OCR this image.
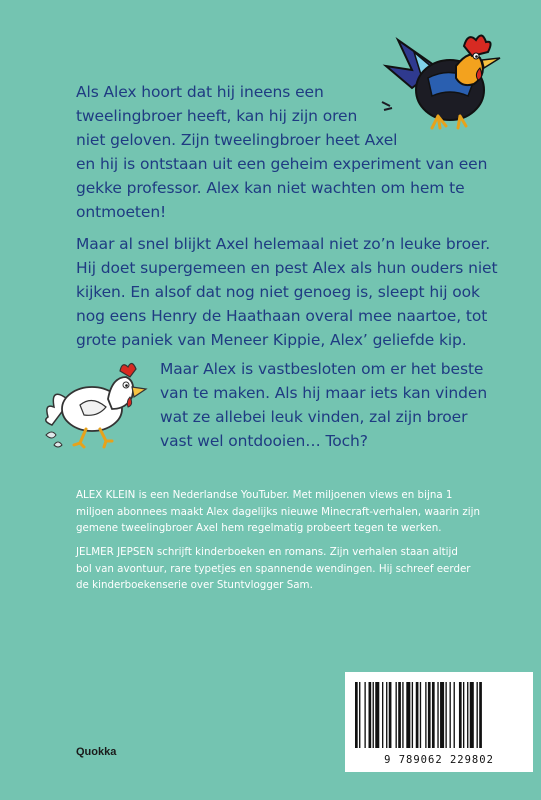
Als Alex hoort dat hij ineens een
tweelingbroer heeft, kan hij zijn oren
niet geloven. Zijn tweelingbroer heet Axel
en hij is ontstaan uit een geheim experiment van een
gekke professor. Alex kan niet wachten om hem te
ontmoeten!
Maar al snel blijkt Axel helemaal niet zo’n leuke broer.
Hij doet supergemeen en pest Alex als hun ouders niet
kijken. En alsof dat nog niet genoeg is, sleept hij ook
nog eens Henry de Haathaan overal mee naartoe, tot
grote paniek van Meneer Kippie, Alex’ geliefde kip.
Maar Alex is vastbesloten om er het beste
van te maken. Als hij maar iets kan vinden
wat ze allebei leuk vinden, zal zijn broer
vast wel ontdooien… Toch?
ALEX KLEIN is een Nederlandse YouTuber. Met miljoenen views en bijna 1
miljoen abonnees maakt Alex dagelijks nieuwe Minecraft-verhalen, waarin zijn
gemene tweelingbroer Axel hem regelmatig probeert tegen te werken.
JELMER JEPSEN schrijft kinderboeken en romans. Zijn verhalen staan altijd
bol van avontuur, rare typetjes en spannende wendingen. Hij schreef eerder
de kinderboekenserie over Stuntvlogger Sam.
Quokka
9 789062 229802
